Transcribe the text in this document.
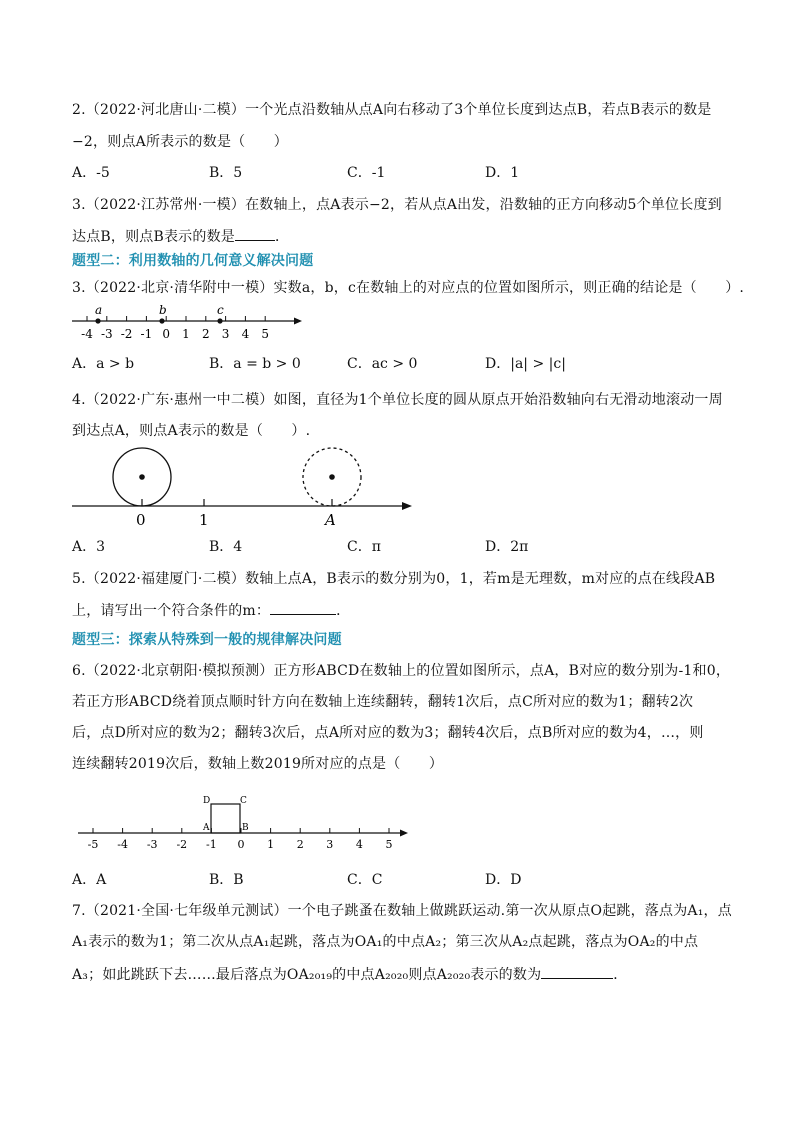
2.（2022·河北唐山·二模）一个光点沿数轴从点A向右移动了3个单位长度到达点B，若点B表示的数是
−2，则点A所表示的数是（　　）
A．-5	B．5	C．-1	D．1
3.（2022·江苏常州·一模）在数轴上，点A表示−2，若从点A出发，沿数轴的正方向移动5个单位长度到
达点B，则点B表示的数是	．
题型二：利用数轴的几何意义解决问题
3.（2022·北京·清华附中一模）实数a，b，c在数轴上的对应点的位置如图所示，则正确的结论是（　　）.
-4 -3 -2 -1 0 1 2 3 4 5
a	b	c
A．a > b	B．a = b > 0	C．ac > 0	D．|a| > |c|
4.（2022·广东·惠州一中二模）如图，直径为1个单位长度的圆从原点开始沿数轴向右无滑动地滚动一周
到达点A，则点A表示的数是（　　）.
0	1	A
A．3	B．4	C．π	D．2π
5.（2022·福建厦门·二模）数轴上点A，B表示的数分别为0，1，若m是无理数，m对应的点在线段AB
上，请写出一个符合条件的m：	．
题型三：探索从特殊到一般的规律解决问题
6.（2022·北京朝阳·模拟预测）正方形ABCD在数轴上的位置如图所示，点A，B对应的数分别为-1和0，
若正方形ABCD绕着顶点顺时针方向在数轴上连续翻转，翻转1次后，点C所对应的数为1；翻转2次
后，点D所对应的数为2；翻转3次后，点A所对应的数为3；翻转4次后，点B所对应的数为4，…，则
连续翻转2019次后，数轴上数2019所对应的点是（　　）
-5 -4 -3 -2 -1 0 1 2 3 4 5
D	C
A	B
A．A	B．B	C．C	D．D
7.（2021·全国·七年级单元测试）一个电子跳蚤在数轴上做跳跃运动.第一次从原点O起跳，落点为A₁，点
A₁表示的数为1；第二次从点A₁起跳，落点为OA₁的中点A₂；第三次从A₂点起跳，落点为OA₂的中点
A₃；如此跳跃下去……最后落点为OA₂₀₁₉的中点A₂₀₂₀则点A₂₀₂₀表示的数为	．
